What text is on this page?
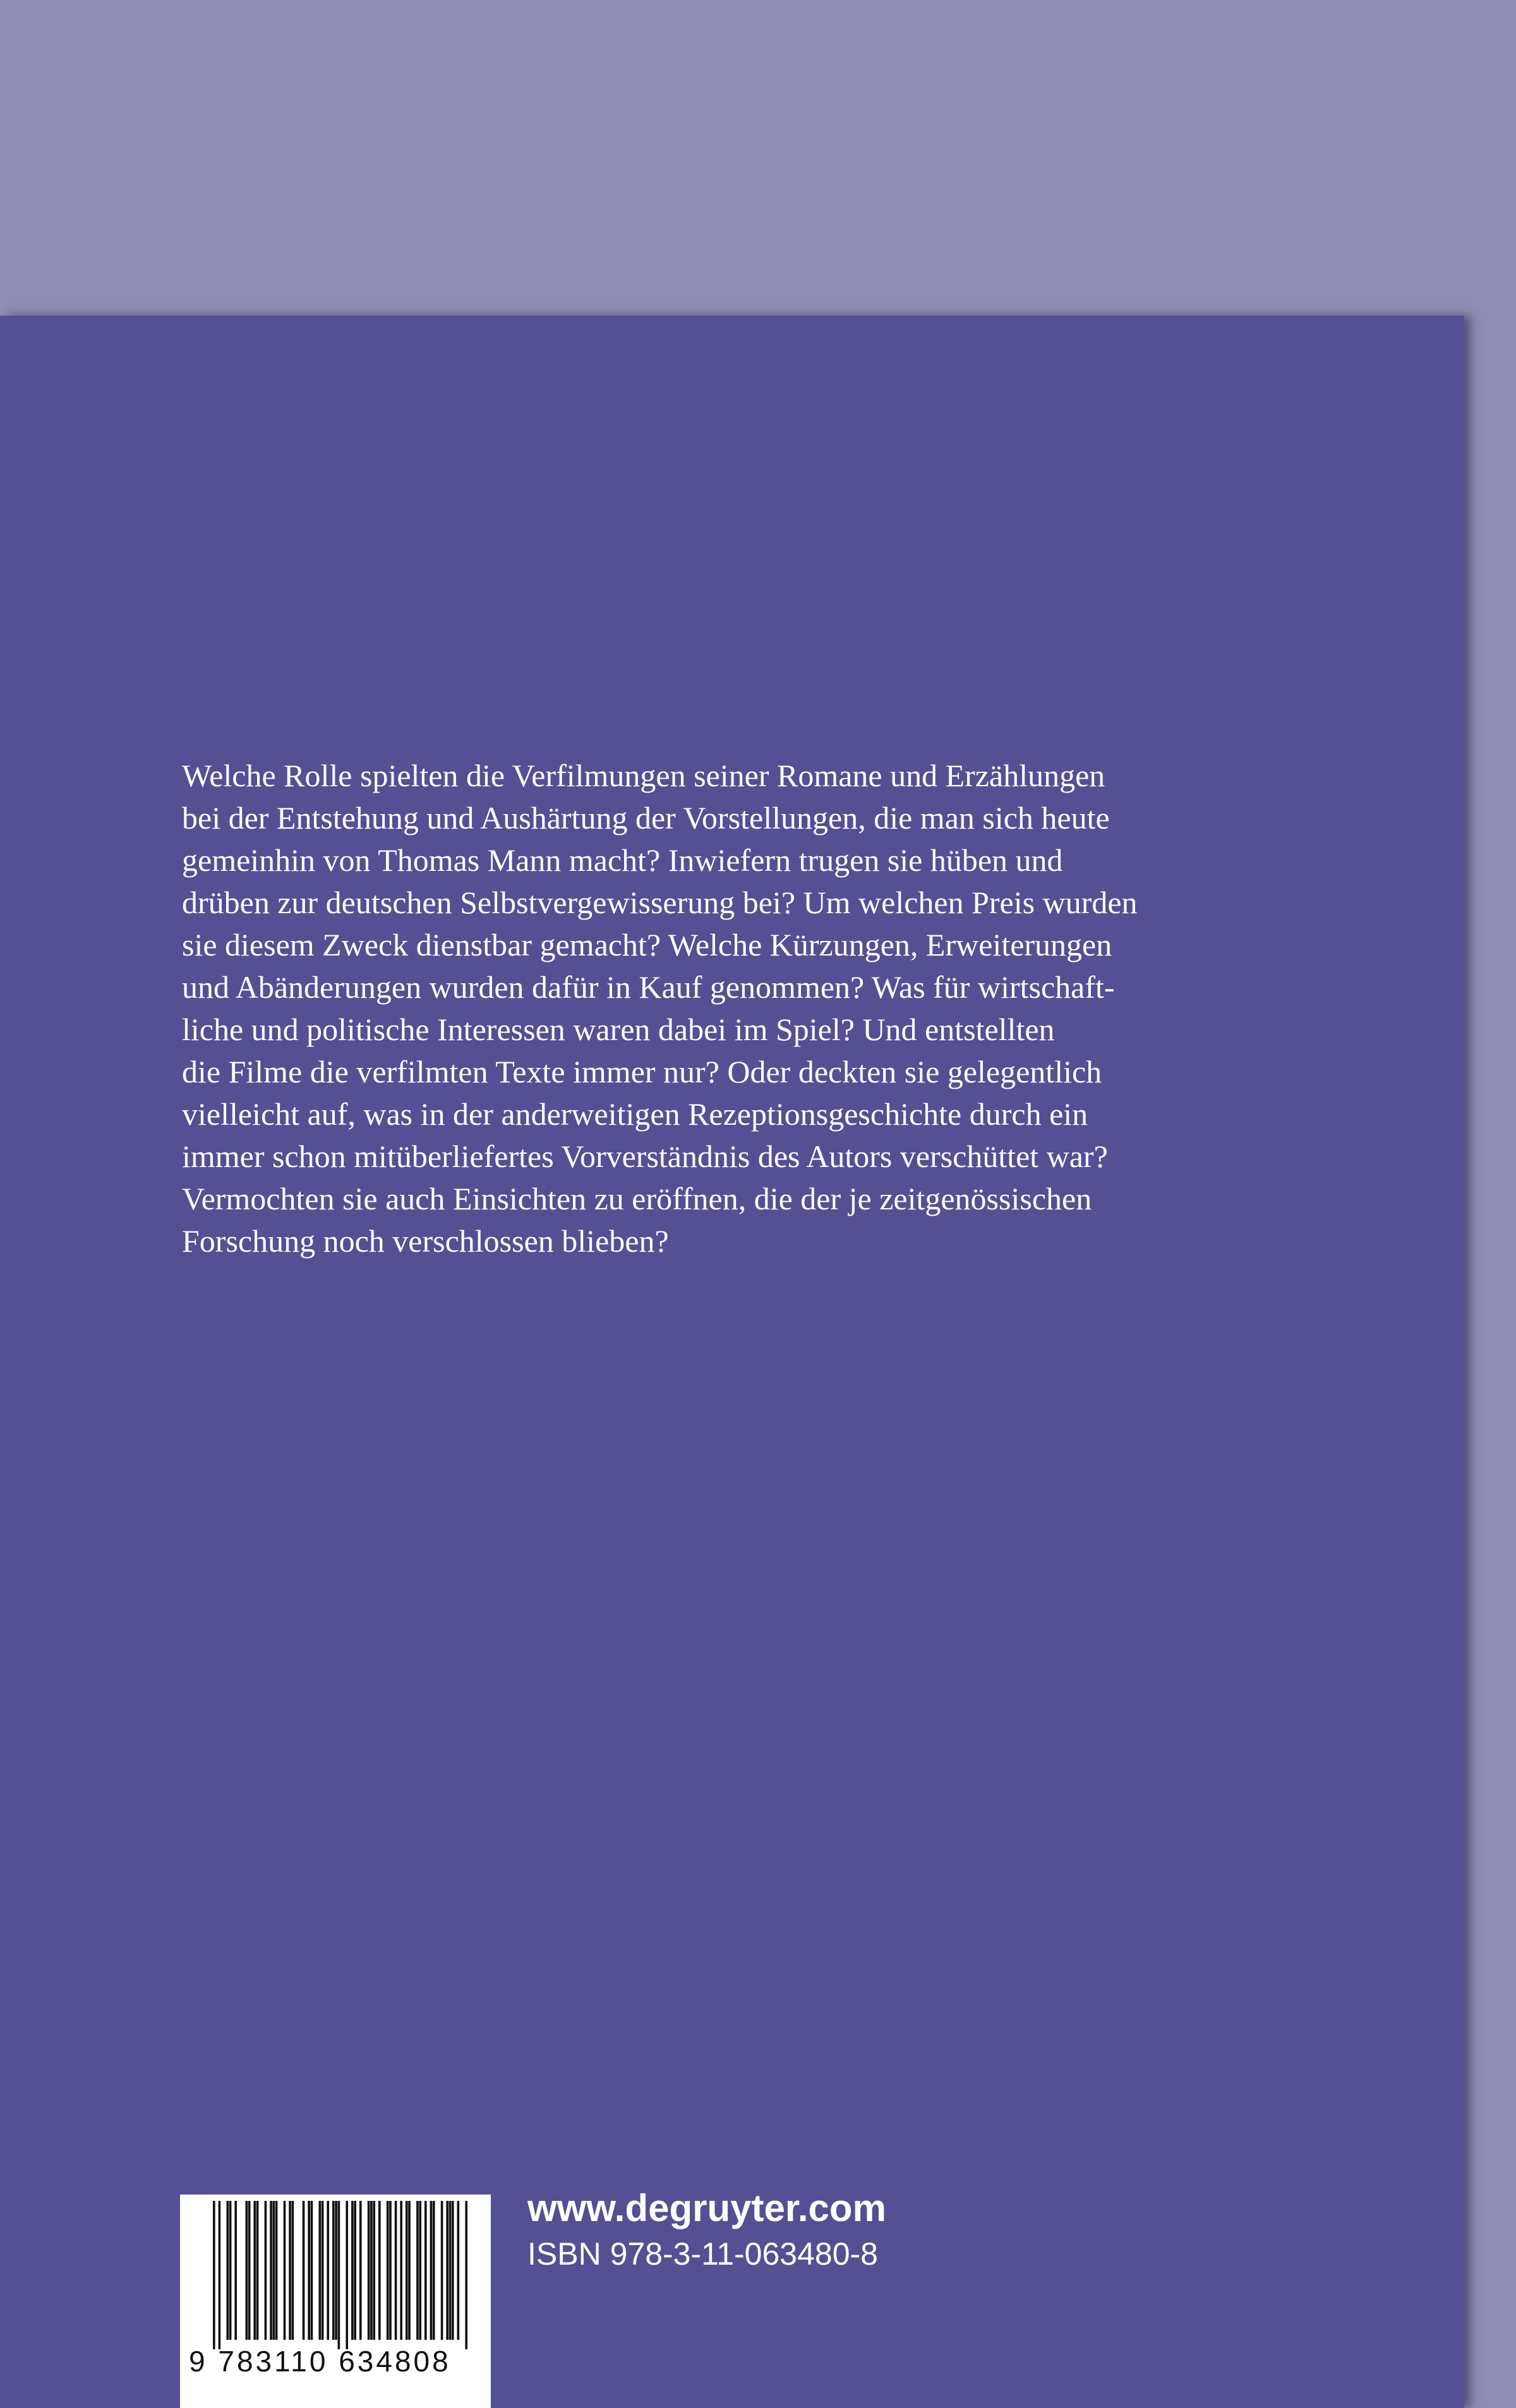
Welche Rolle spielten die Verfilmungen seiner Romane und Erzählungen
bei der Entstehung und Aushärtung der Vorstellungen, die man sich heute
gemeinhin von Thomas Mann macht? Inwiefern trugen sie hüben und
drüben zur deutschen Selbstvergewisserung bei? Um welchen Preis wurden
sie diesem Zweck dienstbar gemacht? Welche Kürzungen, Erweiterungen
und Abänderungen wurden dafür in Kauf genommen? Was für wirtschaft-
liche und politische Interessen waren dabei im Spiel? Und entstellten
die Filme die verfilmten Texte immer nur? Oder deckten sie gelegentlich
vielleicht auf, was in der anderweitigen Rezeptionsgeschichte durch ein
immer schon mitüberliefertes Vorverständnis des Autors verschüttet war?
Vermochten sie auch Einsichten zu eröffnen, die der je zeitgenössischen
Forschung noch verschlossen blieben?

9 783110 634808
www.degruyter.com
ISBN 978-3-11-063480-8
